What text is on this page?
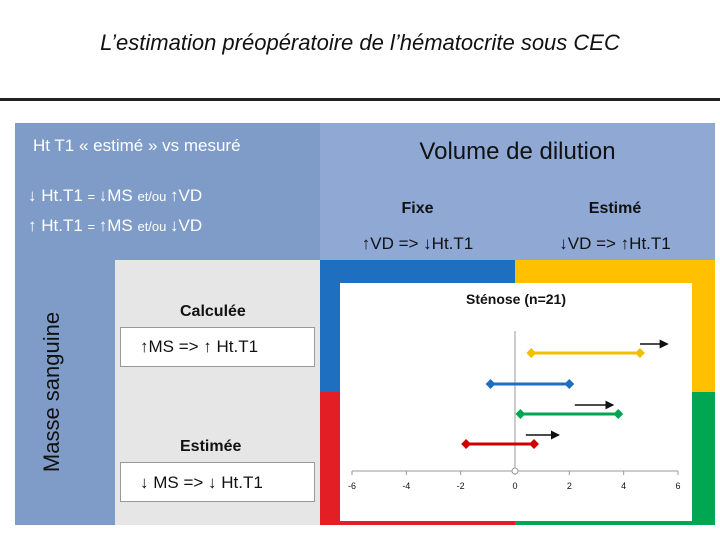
L’estimation préopératoire de l’hématocrite sous CEC
Ht T1 « estimé » vs mesuré
↓ Ht.T1 = ↓MS et/ou ↑VD
↑ Ht.T1 = ↑MS et/ou ↓VD
Masse sanguine
Volume de dilution
Fixe	Estimé
↑VD => ↓Ht.T1	↓VD => ↑Ht.T1
Calculée
↑MS => ↑ Ht.T1
Estimée
↓ MS => ↓ Ht.T1
Sténose (n=21)
-6	-4	-2	0	2	4	6
